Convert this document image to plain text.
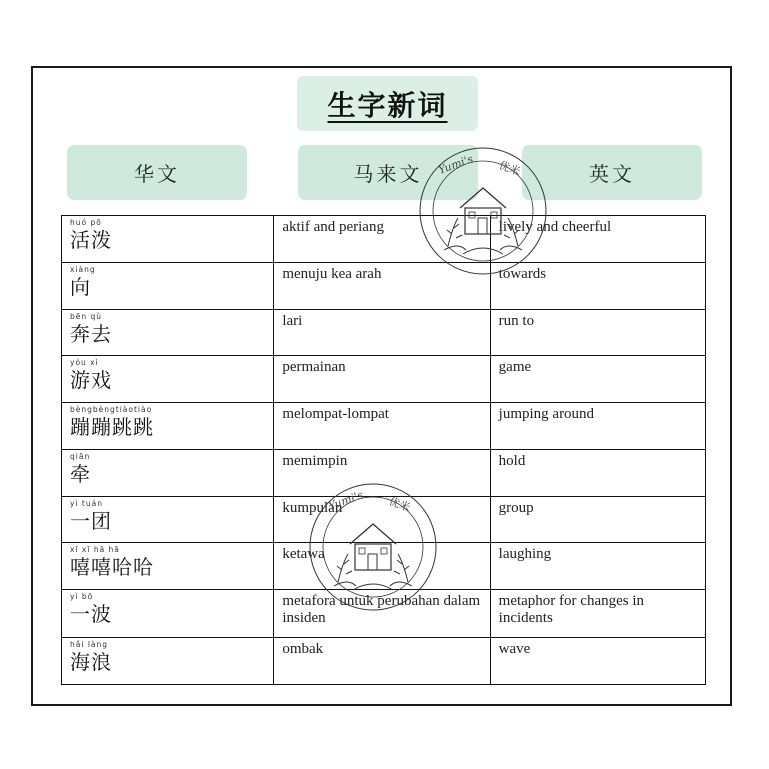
生字新词
华文	马来文	英文
huó pō
活泼	aktif and periang	lively and cheerful

xiàng
向	menuju kea arah	towards

bēn qù
奔去	lari	run to

yóu xì
游戏	permainan	game

bèngbèngtiàotiào
蹦蹦跳跳	melompat-lompat	jumping around

qiān
牵	memimpin	hold

yì tuán
一团	kumpulan	group

xī xī hā hā
嘻嘻哈哈	ketawa	laughing

yì bō
一波	metafora untuk perubahan dalam insiden	metaphor for changes in incidents

hǎi làng
海浪	ombak	wave
Yumi's 优米
Yumi's 优米
